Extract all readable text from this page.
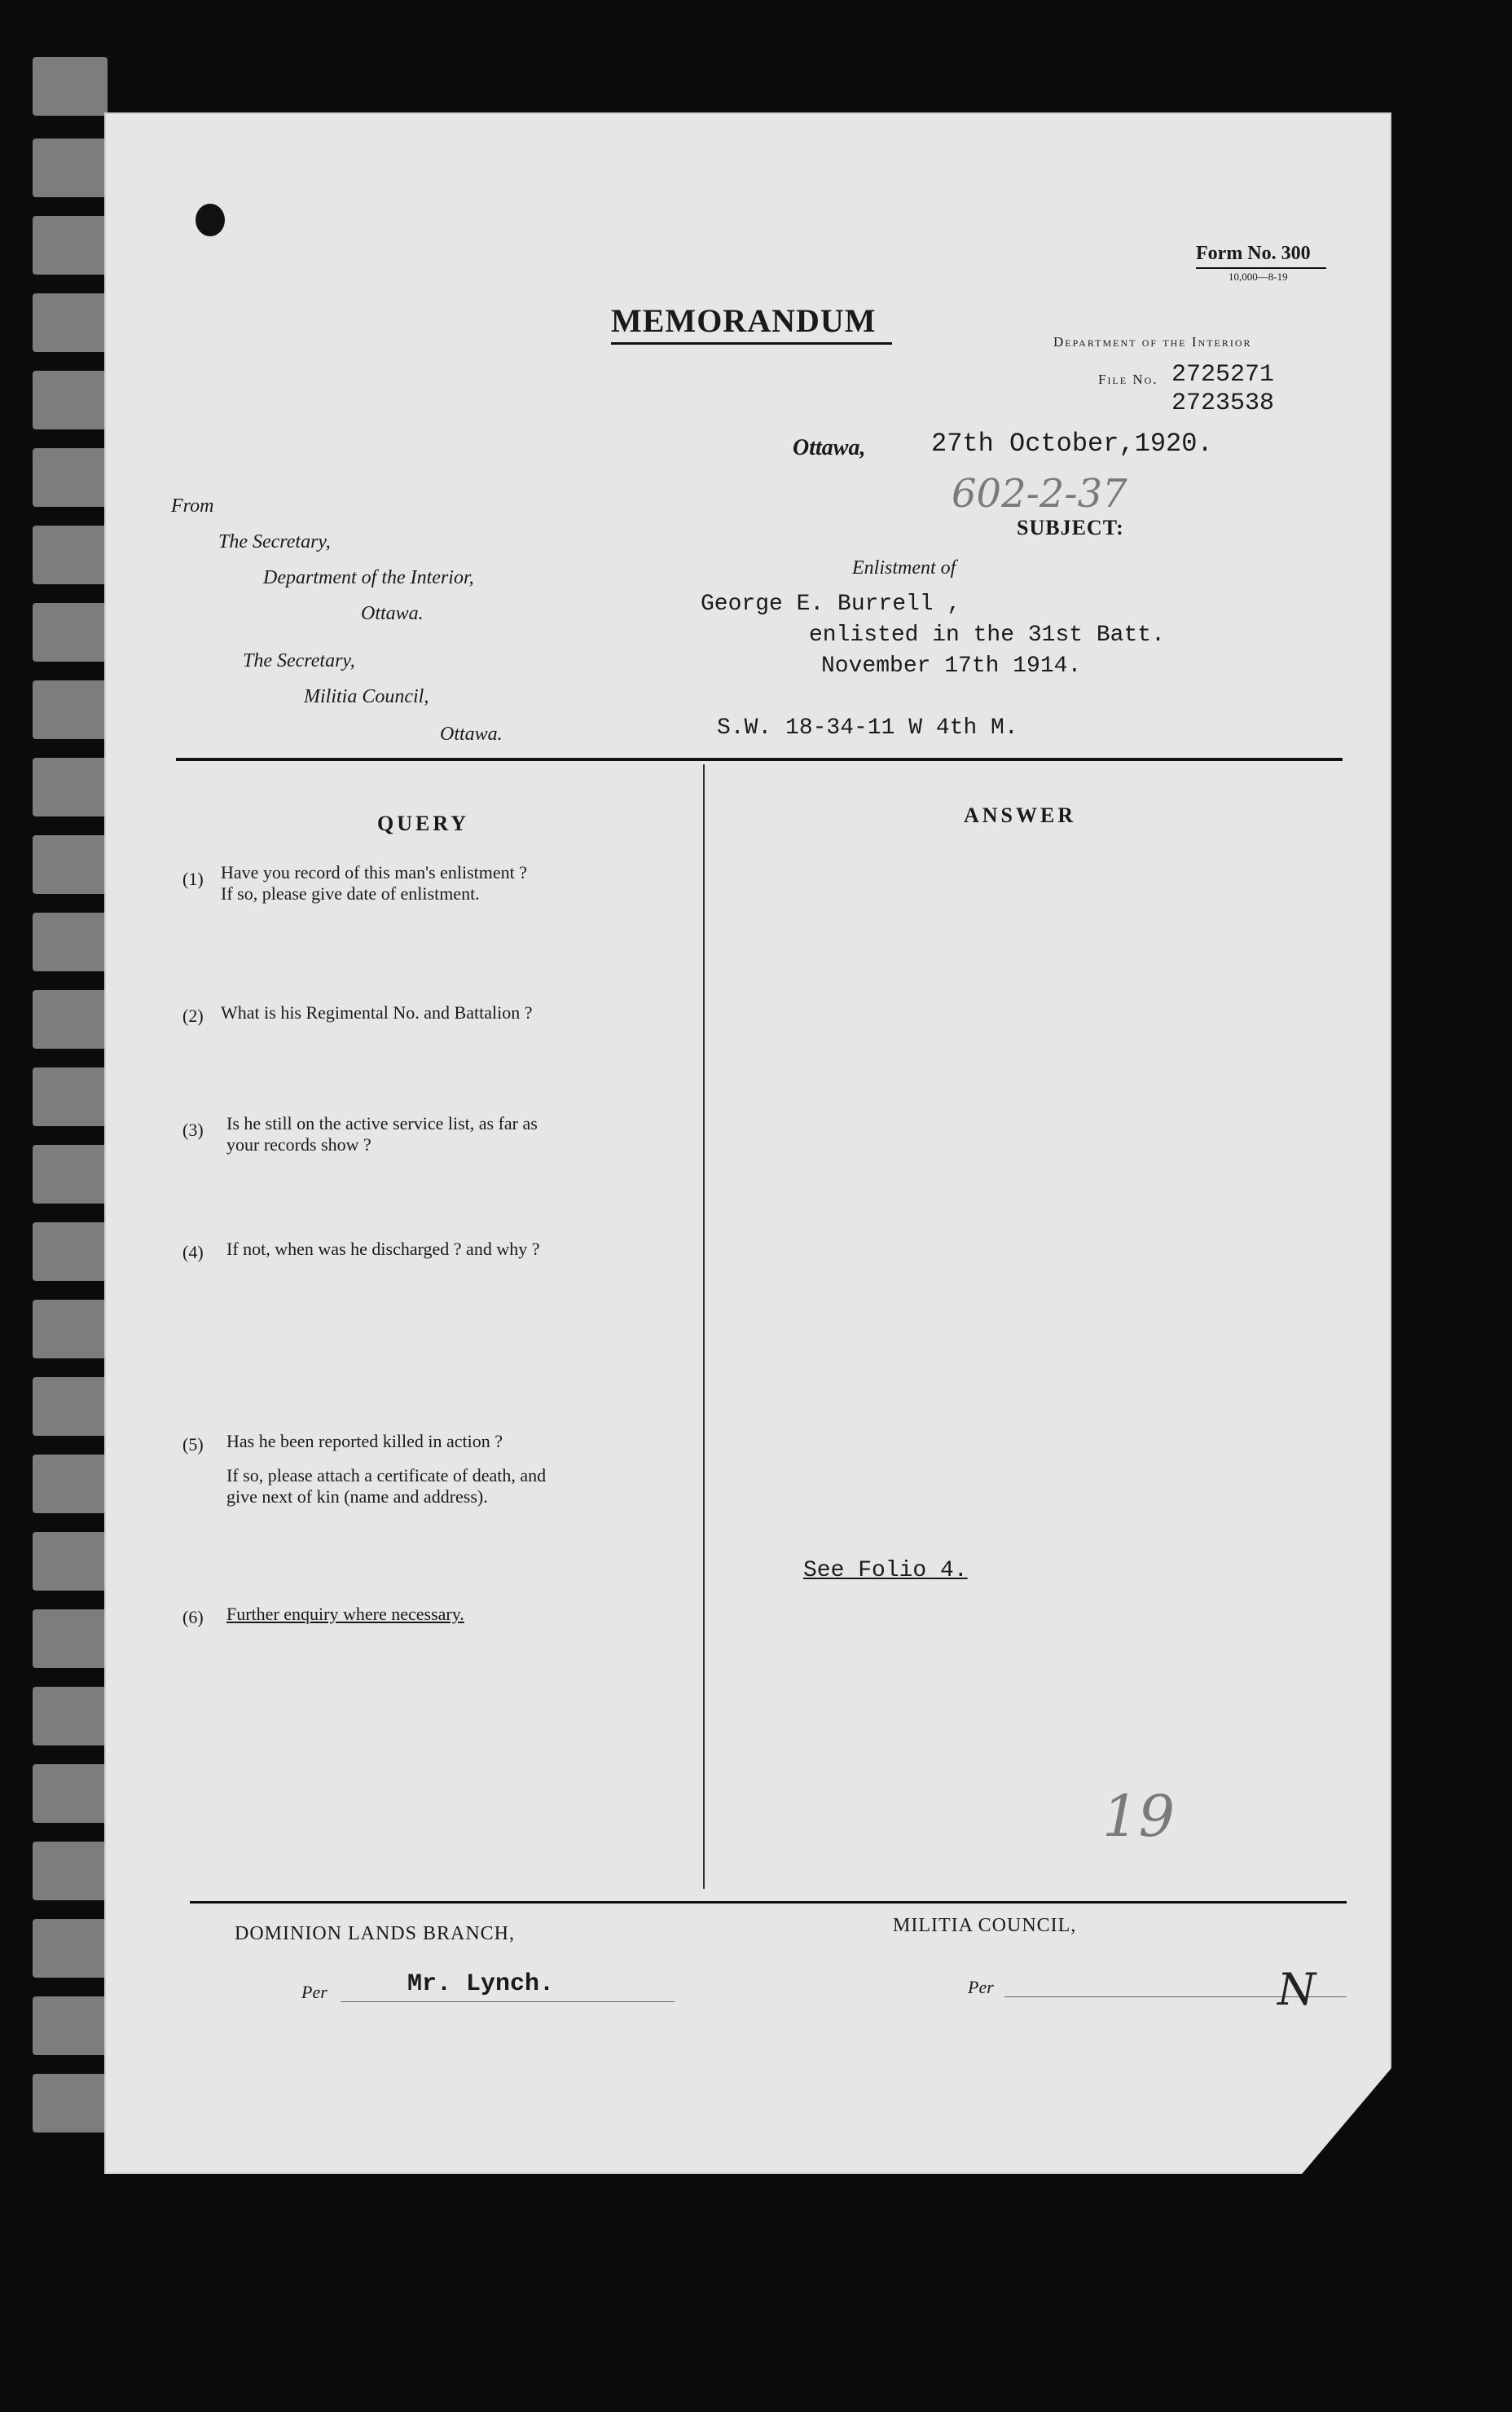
Form No. 300
10,000—8-19
MEMORANDUM
Department of the Interior
File No. 2725271
2723538
Ottawa,	27th October,1920.
602-2-37
SUBJECT:
From
The Secretary,
Department of the Interior,
Ottawa.
The Secretary,
Militia Council,
Ottawa.
Enlistment of
George E. Burrell ,
enlisted in the 31st Batt.
November 17th 1914.
S.W. 18-34-11 W 4th M.
QUERY
(1) Have you record of this man's enlistment ?
If so, please give date of enlistment.
(2) What is his Regimental No. and Battalion ?
(3) Is he still on the active service list, as far as
your records show ?
(4) If not, when was he discharged ? and why ?
(5) Has he been reported killed in action ?
If so, please attach a certificate of death, and
give next of kin (name and address).
(6) Further enquiry where necessary.
ANSWER
See Folio 4.
19
DOMINION LANDS BRANCH,	MILITIA COUNCIL,
Per	Mr. Lynch.	Per	N
